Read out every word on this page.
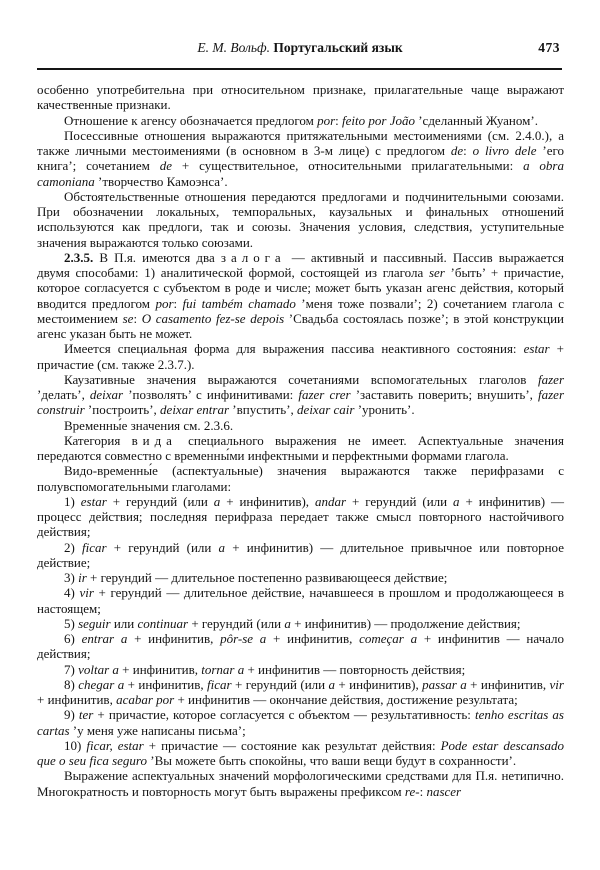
Е. М. Вольф. Португальский язык	473

особенно употребительна при относительном признаке, прилагательные чаще выражают качественные признаки.

Отношение к агенсу обозначается предлогом por: feito por João ’сделанный Жуаном’.

Посессивные отношения выражаются притяжательными местоимениями (см. 2.4.0.), а также личными местоимениями (в основном в 3-м лице) с предлогом de: o livro dele ’его книга’; сочетанием de + существительное, относительными прилагательными: a obra camoniana ’творчество Камоэнса’.

Обстоятельственные отношения передаются предлогами и подчинительными союзами. При обозначении локальных, темпоральных, каузальных и финальных отношений используются как предлоги, так и союзы. Значения условия, следствия, уступительные значения выражаются только союзами.

2.3.5. В П.я. имеются два залога — активный и пассивный. Пассив выражается двумя способами: 1) аналитической формой, состоящей из глагола ser ’быть’ + причастие, которое согласуется с субъектом в роде и числе; может быть указан агенс действия, который вводится предлогом por: fui também chamado ’меня тоже позвали’; 2) сочетанием глагола с местоимением se: O casamento fez-se depois ’Свадьба состоялась позже’; в этой конструкции агенс указан быть не может.

Имеется специальная форма для выражения пассива неактивного состояния: estar + причастие (см. также 2.3.7.).

Каузативные значения выражаются сочетаниями вспомогательных глаголов fazer ’делать’, deixar ’позволять’ с инфинитивами: fazer crer ’заставить поверить; внушить’, fazer construir ’построить’, deixar entrar ’впустить’, deixar cair ’уронить’.

Временны́е значения см. 2.3.6.

Категория вида специального выражения не имеет. Аспектуальные значения передаются совместно с временны́ми инфектными и перфектными формами глагола.

Видо-временны́е (аспектуальные) значения выражаются также перифразами с полувспомогательными глаголами:

1) estar + герундий (или a + инфинитив), andar + герундий (или a + инфинитив) — процесс действия; последняя перифраза передает также смысл повторного настойчивого действия;

2) ficar + герундий (или a + инфинитив) — длительное привычное или повторное действие;

3) ir + герундий — длительное постепенно развивающееся действие;

4) vir + герундий — длительное действие, начавшееся в прошлом и продолжающееся в настоящем;

5) seguir или continuar + герундий (или a + инфинитив) — продолжение действия;

6) entrar a + инфинитив, pôr-se a + инфинитив, começar a + инфинитив — начало действия;

7) voltar a + инфинитив, tornar a + инфинитив — повторность действия;

8) chegar a + инфинитив, ficar + герундий (или a + инфинитив), passar a + инфинитив, vir + инфинитив, acabar por + инфинитив — окончание действия, достижение результата;

9) ter + причастие, которое согласуется с объектом — результативность: tenho escritas as cartas ’у меня уже написаны письма’;

10) ficar, estar + причастие — состояние как результат действия: Pode estar descansado que o seu fica seguro ’Вы можете быть спокойны, что ваши вещи будут в сохранности’.

Выражение аспектуальных значений морфологическими средствами для П.я. нетипично. Многократность и повторность могут быть выражены префиксом re-: nascer
